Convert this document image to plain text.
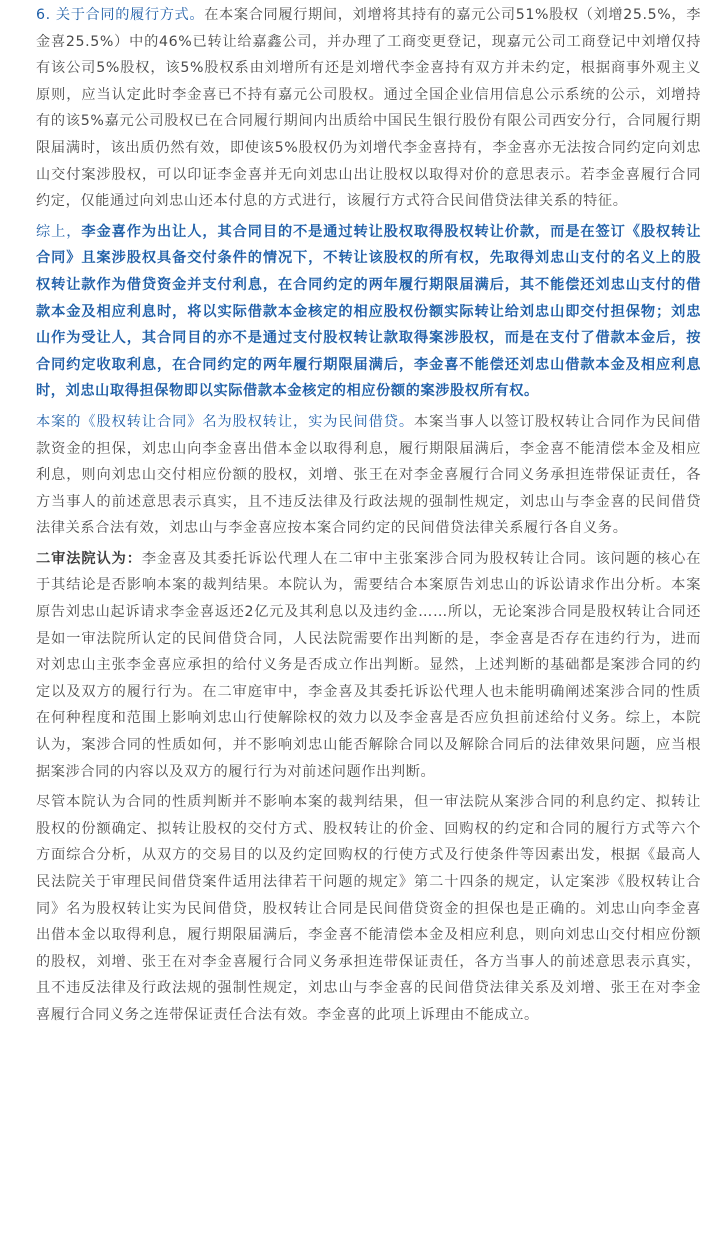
6. 关于合同的履行方式。在本案合同履行期间，刘增将其持有的嘉元公司51%股权（刘增25.5%，李金喜25.5%）中的46%已转让给嘉鑫公司，并办理了工商变更登记，现嘉元公司工商登记中刘增仅持有该公司5%股权，该5%股权系由刘增所有还是刘增代李金喜持有双方并未约定，根据商事外观主义原则，应当认定此时李金喜已不持有嘉元公司股权。通过全国企业信用信息公示系统的公示，刘增持有的该5%嘉元公司股权已在合同履行期间内出质给中国民生银行股份有限公司西安分行，合同履行期限届满时，该出质仍然有效，即使该5%股权仍为刘增代李金喜持有，李金喜亦无法按合同约定向刘忠山交付案涉股权，可以印证李金喜并无向刘忠山出让股权以取得对价的意思表示。若李金喜履行合同约定，仅能通过向刘忠山还本付息的方式进行，该履行方式符合民间借贷法律关系的特征。

综上，李金喜作为出让人，其合同目的不是通过转让股权取得股权转让价款，而是在签订《股权转让合同》且案涉股权具备交付条件的情况下，不转让该股权的所有权，先取得刘忠山支付的名义上的股权转让款作为借贷资金并支付利息，在合同约定的两年履行期限届满后，其不能偿还刘忠山支付的借款本金及相应利息时，将以实际借款本金核定的相应股权份额实际转让给刘忠山即交付担保物；刘忠山作为受让人，其合同目的亦不是通过支付股权转让款取得案涉股权，而是在支付了借款本金后，按合同约定收取利息，在合同约定的两年履行期限届满后，李金喜不能偿还刘忠山借款本金及相应利息时，刘忠山取得担保物即以实际借款本金核定的相应份额的案涉股权所有权。

本案的《股权转让合同》名为股权转让，实为民间借贷。本案当事人以签订股权转让合同作为民间借款资金的担保，刘忠山向李金喜出借本金以取得利息，履行期限届满后，李金喜不能清偿本金及相应利息，则向刘忠山交付相应份额的股权，刘增、张王在对李金喜履行合同义务承担连带保证责任，各方当事人的前述意思表示真实，且不违反法律及行政法规的强制性规定，刘忠山与李金喜的民间借贷法律关系合法有效，刘忠山与李金喜应按本案合同约定的民间借贷法律关系履行各自义务。

二审法院认为：李金喜及其委托诉讼代理人在二审中主张案涉合同为股权转让合同。该问题的核心在于其结论是否影响本案的裁判结果。本院认为，需要结合本案原告刘忠山的诉讼请求作出分析。本案原告刘忠山起诉请求李金喜返还2亿元及其利息以及违约金……所以，无论案涉合同是股权转让合同还是如一审法院所认定的民间借贷合同，人民法院需要作出判断的是，李金喜是否存在违约行为，进而对刘忠山主张李金喜应承担的给付义务是否成立作出判断。显然，上述判断的基础都是案涉合同的约定以及双方的履行行为。在二审庭审中，李金喜及其委托诉讼代理人也未能明确阐述案涉合同的性质在何种程度和范围上影响刘忠山行使解除权的效力以及李金喜是否应负担前述给付义务。综上，本院认为，案涉合同的性质如何，并不影响刘忠山能否解除合同以及解除合同后的法律效果问题，应当根据案涉合同的内容以及双方的履行行为对前述问题作出判断。

尽管本院认为合同的性质判断并不影响本案的裁判结果，但一审法院从案涉合同的利息约定、拟转让股权的份额确定、拟转让股权的交付方式、股权转让的价金、回购权的约定和合同的履行方式等六个方面综合分析，从双方的交易目的以及约定回购权的行使方式及行使条件等因素出发，根据《最高人民法院关于审理民间借贷案件适用法律若干问题的规定》第二十四条的规定，认定案涉《股权转让合同》名为股权转让实为民间借贷，股权转让合同是民间借贷资金的担保也是正确的。刘忠山向李金喜出借本金以取得利息，履行期限届满后，李金喜不能清偿本金及相应利息，则向刘忠山交付相应份额的股权，刘增、张王在对李金喜履行合同义务承担连带保证责任，各方当事人的前述意思表示真实，且不违反法律及行政法规的强制性规定，刘忠山与李金喜的民间借贷法律关系及刘增、张王在对李金喜履行合同义务之连带保证责任合法有效。李金喜的此项上诉理由不能成立。
